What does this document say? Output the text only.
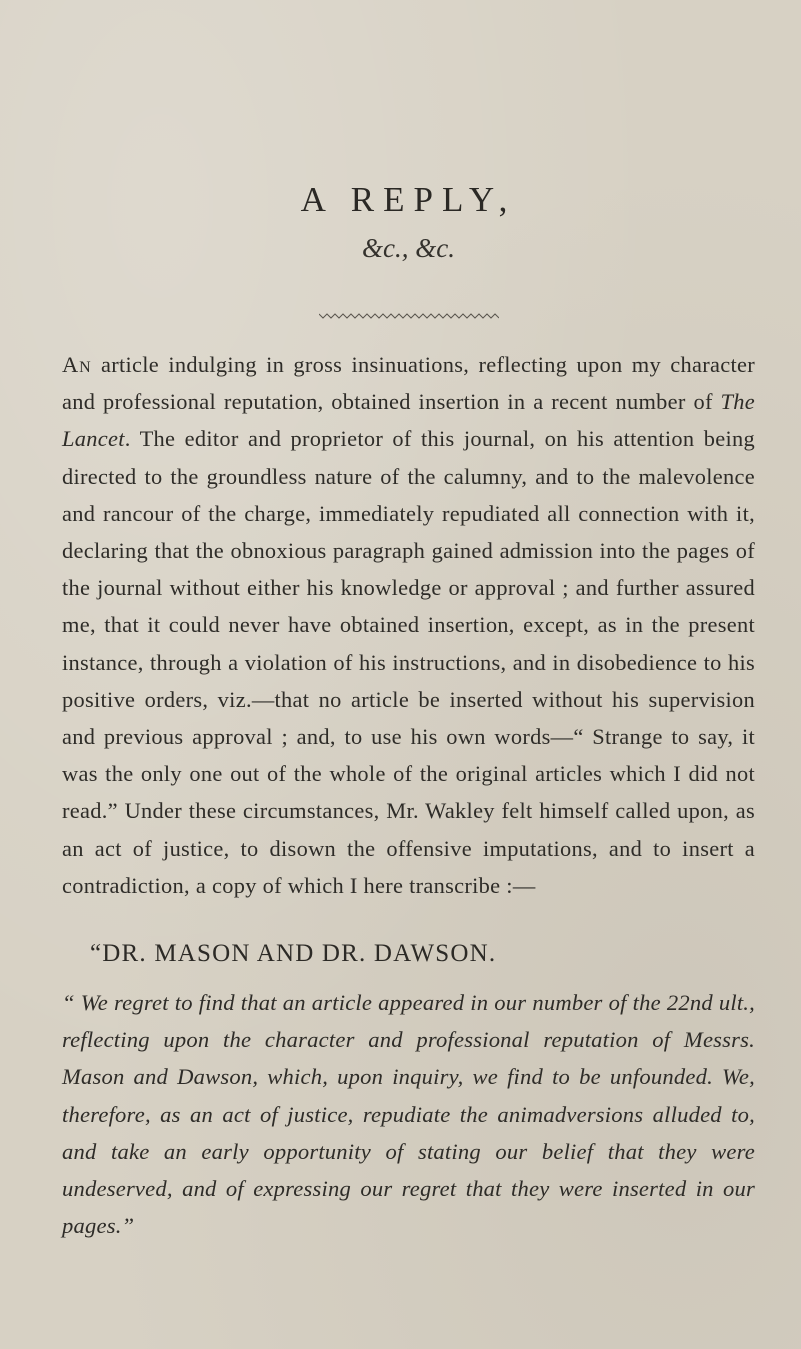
A REPLY,
&c., &c.

An article indulging in gross insinuations, reflecting upon my character and professional reputation, obtained insertion in a recent number of The Lancet. The editor and proprietor of this journal, on his attention being directed to the groundless nature of the calumny, and to the malevolence and rancour of the charge, immediately repudiated all connection with it, declaring that the obnoxious paragraph gained admission into the pages of the journal without either his knowledge or approval ; and further assured me, that it could never have obtained insertion, except, as in the present instance, through a violation of his instructions, and in disobedience to his positive orders, viz.—that no article be inserted without his supervision and previous approval ; and, to use his own words—“ Strange to say, it was the only one out of the whole of the original articles which I did not read.” Under these circumstances, Mr. Wakley felt himself called upon, as an act of justice, to disown the offensive imputations, and to insert a contradiction, a copy of which I here transcribe :—

“DR. MASON AND DR. DAWSON.

“ We regret to find that an article appeared in our number of the 22nd ult., reflecting upon the character and professional reputation of Messrs. Mason and Dawson, which, upon inquiry, we find to be unfounded. We, therefore, as an act of justice, repudiate the animadversions alluded to, and take an early opportunity of stating our belief that they were undeserved, and of expressing our regret that they were inserted in our pages.”
